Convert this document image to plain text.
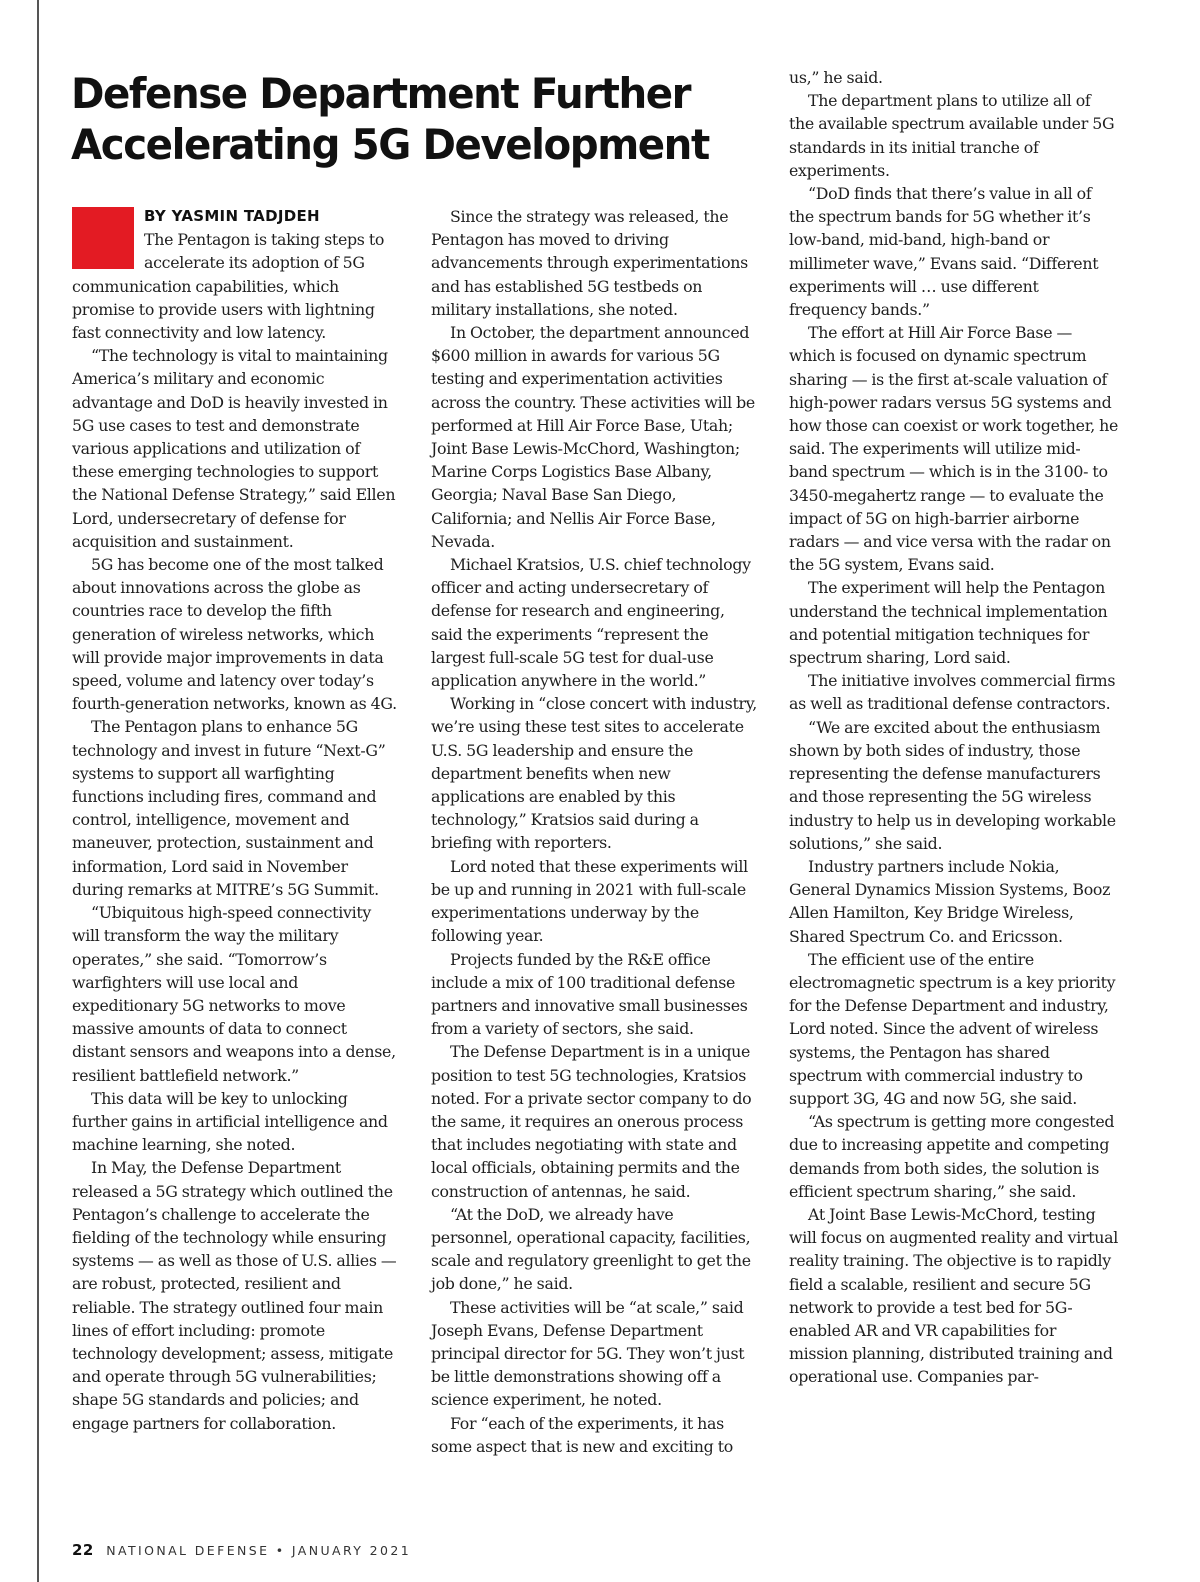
Defense Department Further
Accelerating 5G Development
BY YASMIN TADJDEH

The Pentagon is taking steps to accelerate its adoption of 5G communication capabilities, which promise to provide users with lightning fast connectivity and low latency.

“The technology is vital to maintaining America’s military and economic advantage and DoD is heavily invested in 5G use cases to test and demonstrate various applications and utilization of these emerging technologies to support the National Defense Strategy,” said Ellen Lord, undersecretary of defense for acquisition and sustainment.

5G has become one of the most talked about innovations across the globe as countries race to develop the fifth generation of wireless networks, which will provide major improvements in data speed, volume and latency over today’s fourth-generation networks, known as 4G.

The Pentagon plans to enhance 5G technology and invest in future “Next-G” systems to support all warfighting functions including fires, command and control, intelligence, movement and maneuver, protection, sustainment and information, Lord said in November during remarks at MITRE’s 5G Summit.

“Ubiquitous high-speed connectivity will transform the way the military operates,” she said. “Tomorrow’s warfighters will use local and expeditionary 5G networks to move massive amounts of data to connect distant sensors and weapons into a dense, resilient battlefield network.”

This data will be key to unlocking further gains in artificial intelligence and machine learning, she noted.

In May, the Defense Department released a 5G strategy which outlined the Pentagon’s challenge to accelerate the fielding of the technology while ensuring systems — as well as those of U.S. allies — are robust, protected, resilient and reliable. The strategy outlined four main lines of effort including: promote technology development; assess, mitigate and operate through 5G vulnerabilities; shape 5G standards and policies; and engage partners for collaboration.

Since the strategy was released, the Pentagon has moved to driving advancements through experimentations and has established 5G testbeds on military installations, she noted.

In October, the department announced $600 million in awards for various 5G testing and experimentation activities across the country. These activities will be performed at Hill Air Force Base, Utah; Joint Base Lewis-McChord, Washington; Marine Corps Logistics Base Albany, Georgia; Naval Base San Diego, California; and Nellis Air Force Base, Nevada.

Michael Kratsios, U.S. chief technology officer and acting undersecretary of defense for research and engineering, said the experiments “represent the largest full-scale 5G test for dual-use application anywhere in the world.”

Working in “close concert with industry, we’re using these test sites to accelerate U.S. 5G leadership and ensure the department benefits when new applications are enabled by this technology,” Kratsios said during a briefing with reporters.

Lord noted that these experiments will be up and running in 2021 with full-scale experimentations underway by the following year.

Projects funded by the R&E office include a mix of 100 traditional defense partners and innovative small businesses from a variety of sectors, she said.

The Defense Department is in a unique position to test 5G technologies, Kratsios noted. For a private sector company to do the same, it requires an onerous process that includes negotiating with state and local officials, obtaining permits and the construction of antennas, he said.

“At the DoD, we already have personnel, operational capacity, facilities, scale and regulatory greenlight to get the job done,” he said.

These activities will be “at scale,” said Joseph Evans, Defense Department principal director for 5G. They won’t just be little demonstrations showing off a science experiment, he noted.

For “each of the experiments, it has some aspect that is new and exciting to

us,” he said.

The department plans to utilize all of the available spectrum available under 5G standards in its initial tranche of experiments.

“DoD finds that there’s value in all of the spectrum bands for 5G whether it’s low-band, mid-band, high-band or millimeter wave,” Evans said. “Different experiments will … use different frequency bands.”

The effort at Hill Air Force Base — which is focused on dynamic spectrum sharing — is the first at-scale valuation of high-power radars versus 5G systems and how those can coexist or work together, he said. The experiments will utilize mid-band spectrum — which is in the 3100- to 3450-megahertz range — to evaluate the impact of 5G on high-barrier airborne radars — and vice versa with the radar on the 5G system, Evans said.

The experiment will help the Pentagon understand the technical implementation and potential mitigation techniques for spectrum sharing, Lord said.

The initiative involves commercial firms as well as traditional defense contractors.

“We are excited about the enthusiasm shown by both sides of industry, those representing the defense manufacturers and those representing the 5G wireless industry to help us in developing workable solutions,” she said.

Industry partners include Nokia, General Dynamics Mission Systems, Booz Allen Hamilton, Key Bridge Wireless, Shared Spectrum Co. and Ericsson.

The efficient use of the entire electromagnetic spectrum is a key priority for the Defense Department and industry, Lord noted. Since the advent of wireless systems, the Pentagon has shared spectrum with commercial industry to support 3G, 4G and now 5G, she said.

“As spectrum is getting more congested due to increasing appetite and competing demands from both sides, the solution is efficient spectrum sharing,” she said.

At Joint Base Lewis-McChord, testing will focus on augmented reality and virtual reality training. The objective is to rapidly field a scalable, resilient and secure 5G network to provide a test bed for 5G-enabled AR and VR capabilities for mission planning, distributed training and operational use. Companies par-

22 NATIONAL DEFENSE • JANUARY 2021
